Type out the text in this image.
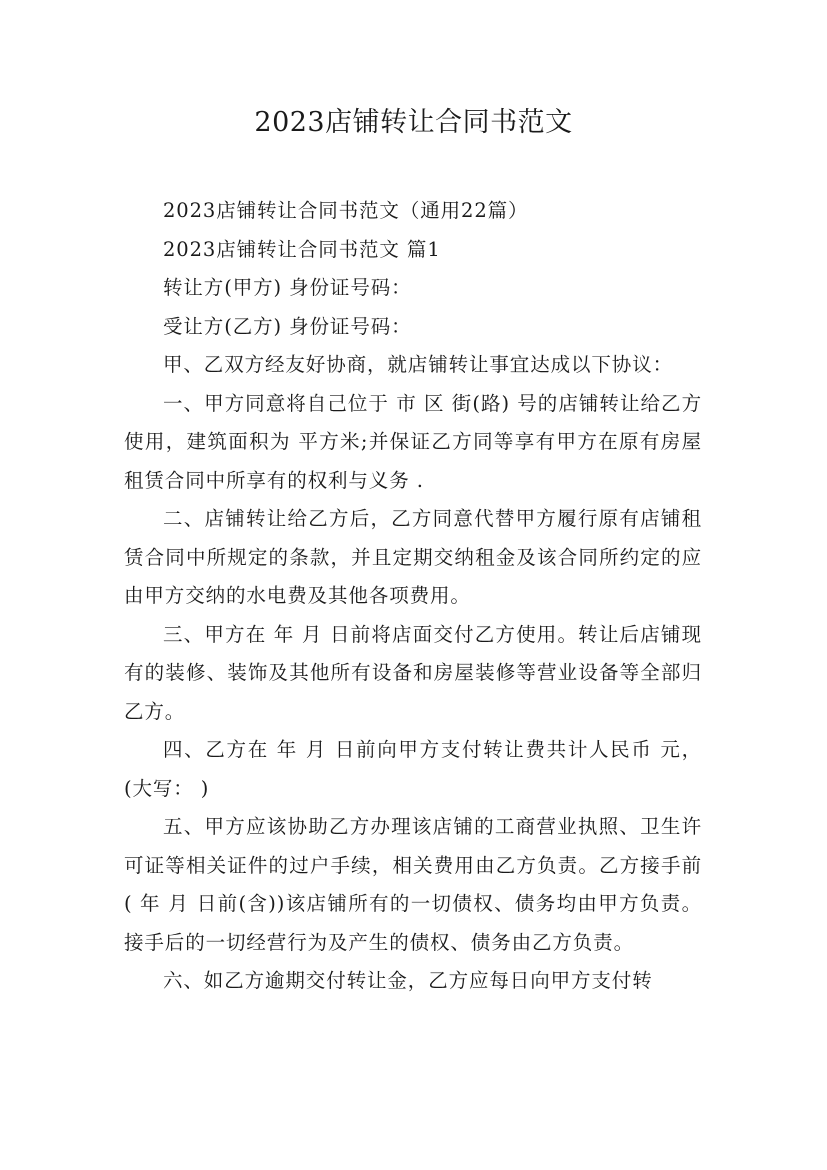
2023店铺转让合同书范文

2023店铺转让合同书范文（通用22篇）

2023店铺转让合同书范文 篇1

转让方(甲方) 身份证号码：

受让方(乙方) 身份证号码：

甲、乙双方经友好协商，就店铺转让事宜达成以下协议：

一、甲方同意将自己位于 市 区 街(路) 号的店铺转让给乙方使用，建筑面积为 平方米;并保证乙方同等享有甲方在原有房屋租赁合同中所享有的权利与义务 .

二、店铺转让给乙方后，乙方同意代替甲方履行原有店铺租赁合同中所规定的条款，并且定期交纳租金及该合同所约定的应由甲方交纳的水电费及其他各项费用。

三、甲方在 年 月 日前将店面交付乙方使用。转让后店铺现有的装修、装饰及其他所有设备和房屋装修等营业设备等全部归乙方。

四、乙方在 年 月 日前向甲方支付转让费共计人民币 元，(大写： )

五、甲方应该协助乙方办理该店铺的工商营业执照、卫生许可证等相关证件的过户手续，相关费用由乙方负责。乙方接手前( 年 月 日前(含))该店铺所有的一切债权、债务均由甲方负责。接手后的一切经营行为及产生的债权、债务由乙方负责。

六、如乙方逾期交付转让金，乙方应每日向甲方支付转
